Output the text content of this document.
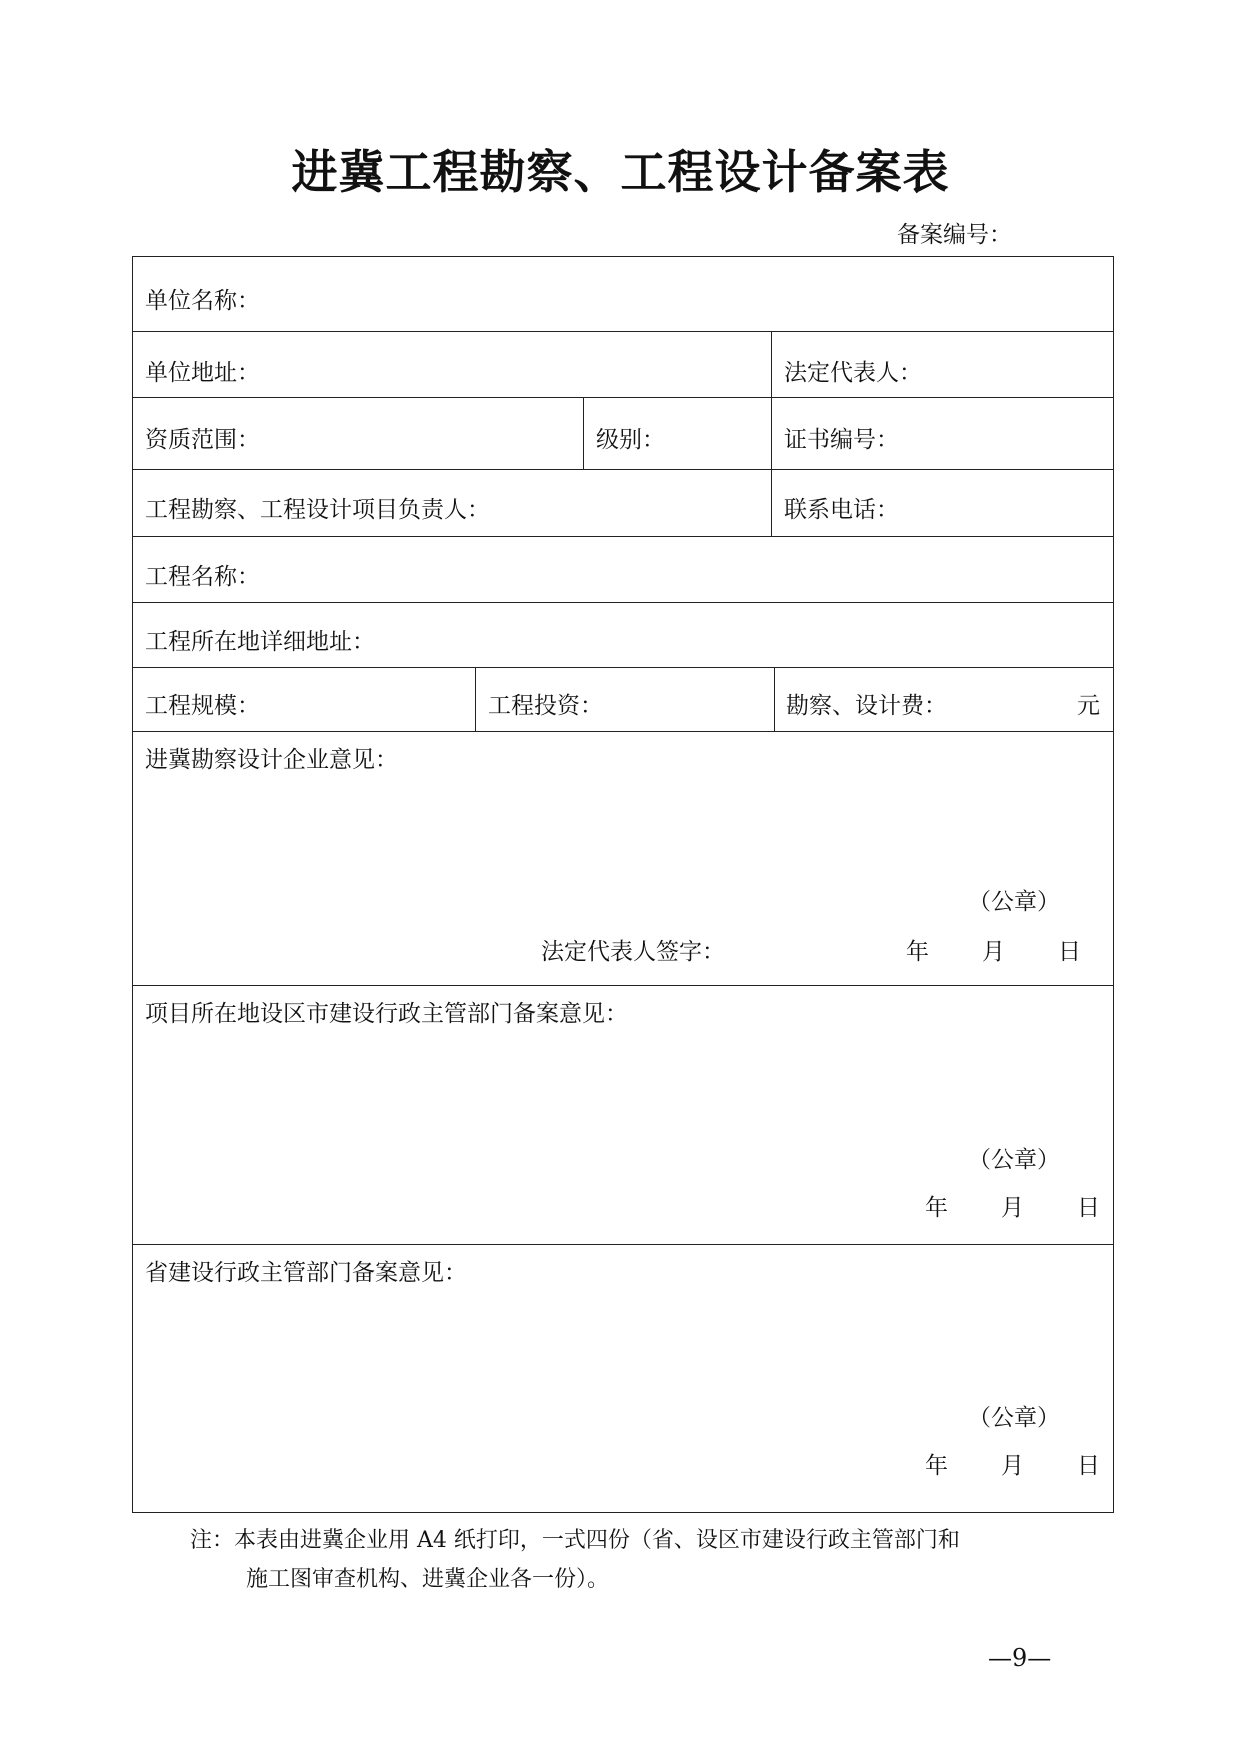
进冀工程勘察、工程设计备案表
备案编号：
单位名称：
单位地址：	法定代表人：
资质范围：	级别：	证书编号：
工程勘察、工程设计项目负责人：	联系电话：
工程名称：
工程所在地详细地址：
工程规模：	工程投资：	勘察、设计费：	元
进冀勘察设计企业意见：
（公章）
法定代表人签字：	年 月 日
项目所在地设区市建设行政主管部门备案意见：
（公章）
年 月 日
省建设行政主管部门备案意见：
（公章）
年 月 日
注：本表由进冀企业用 A4 纸打印，一式四份（省、设区市建设行政主管部门和
施工图审查机构、进冀企业各一份）。
—9—
